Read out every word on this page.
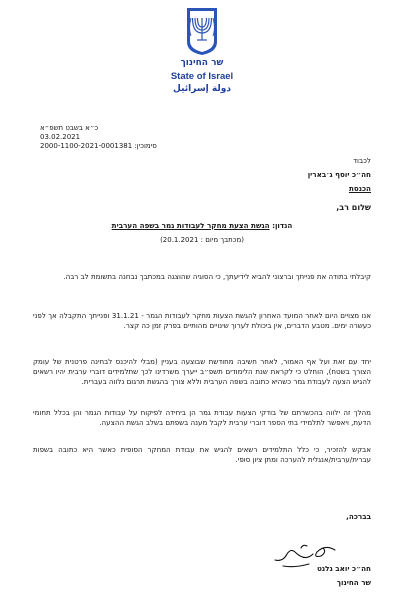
שר החינוך
State of Israel
دولة إسرائيل
כ״א בשבט תשפ״א
03.02.2021
סימוכין: 2000-1100-2021-0001381
לכבוד
חה״כ יוסף ג׳בארין
הכנסת
שלום רב,
הנדון: הגשת הצעת מחקר לעבודות גמר בשפה הערבית
(מכתבך מיום : 20.1.2021)
קיבלתי בתודה את פנייתך וברצוני להביא לידיעתך, כי הסוגיה שהוצגה במכתבך נבחנה בתשומת לב רבה.
אנו מצויים היום לאחר המועד האחרון להגשת הצעות מחקר לעבודות הגמר - 31.1.21 ופנייתך התקבלה אך לפני כעשרה ימים. מטבע הדברים, אין ביכולת לערוך שינויים מהותיים בפרק זמן כה קצר.
יחד עם זאת ועל אף האמור, לאחר חשיבה מחודשת שבוצעה בעניין (מבלי להיכנס לבחינה פרטנית של עומק הצורך בשטח), הוחלט כי לקראת שנת הלימודים תשפ״ב ייערך משרדינו לכך שתלמידים דוברי ערבית יהיו רשאים להגיש הצעה לעבודת גמר כשהיא כתובה בשפה הערבית וללא צורך בהגשת תרגום נלווה בעברית.
מהלך זה ילווה בהכשרתם של בודקי הצעות עבודת גמר הן ביחידה לפיקוח על עבודות הגמר והן בכלל תחומי הדעת, ויאפשר לתלמידי בתי הספר דוברי ערבית לקבל מענה בשפתם בשלב הגשת ההצעה.
אבקש להזכיר, כי כלל התלמידים רשאים להגיש את עבודת המחקר הסופית כאשר היא כתובה בשפות עברית/ערבית/אנגלית להערכה ומתן ציון סופי.
בברכה,
חה״כ יואב גלנט
שר החינוך
